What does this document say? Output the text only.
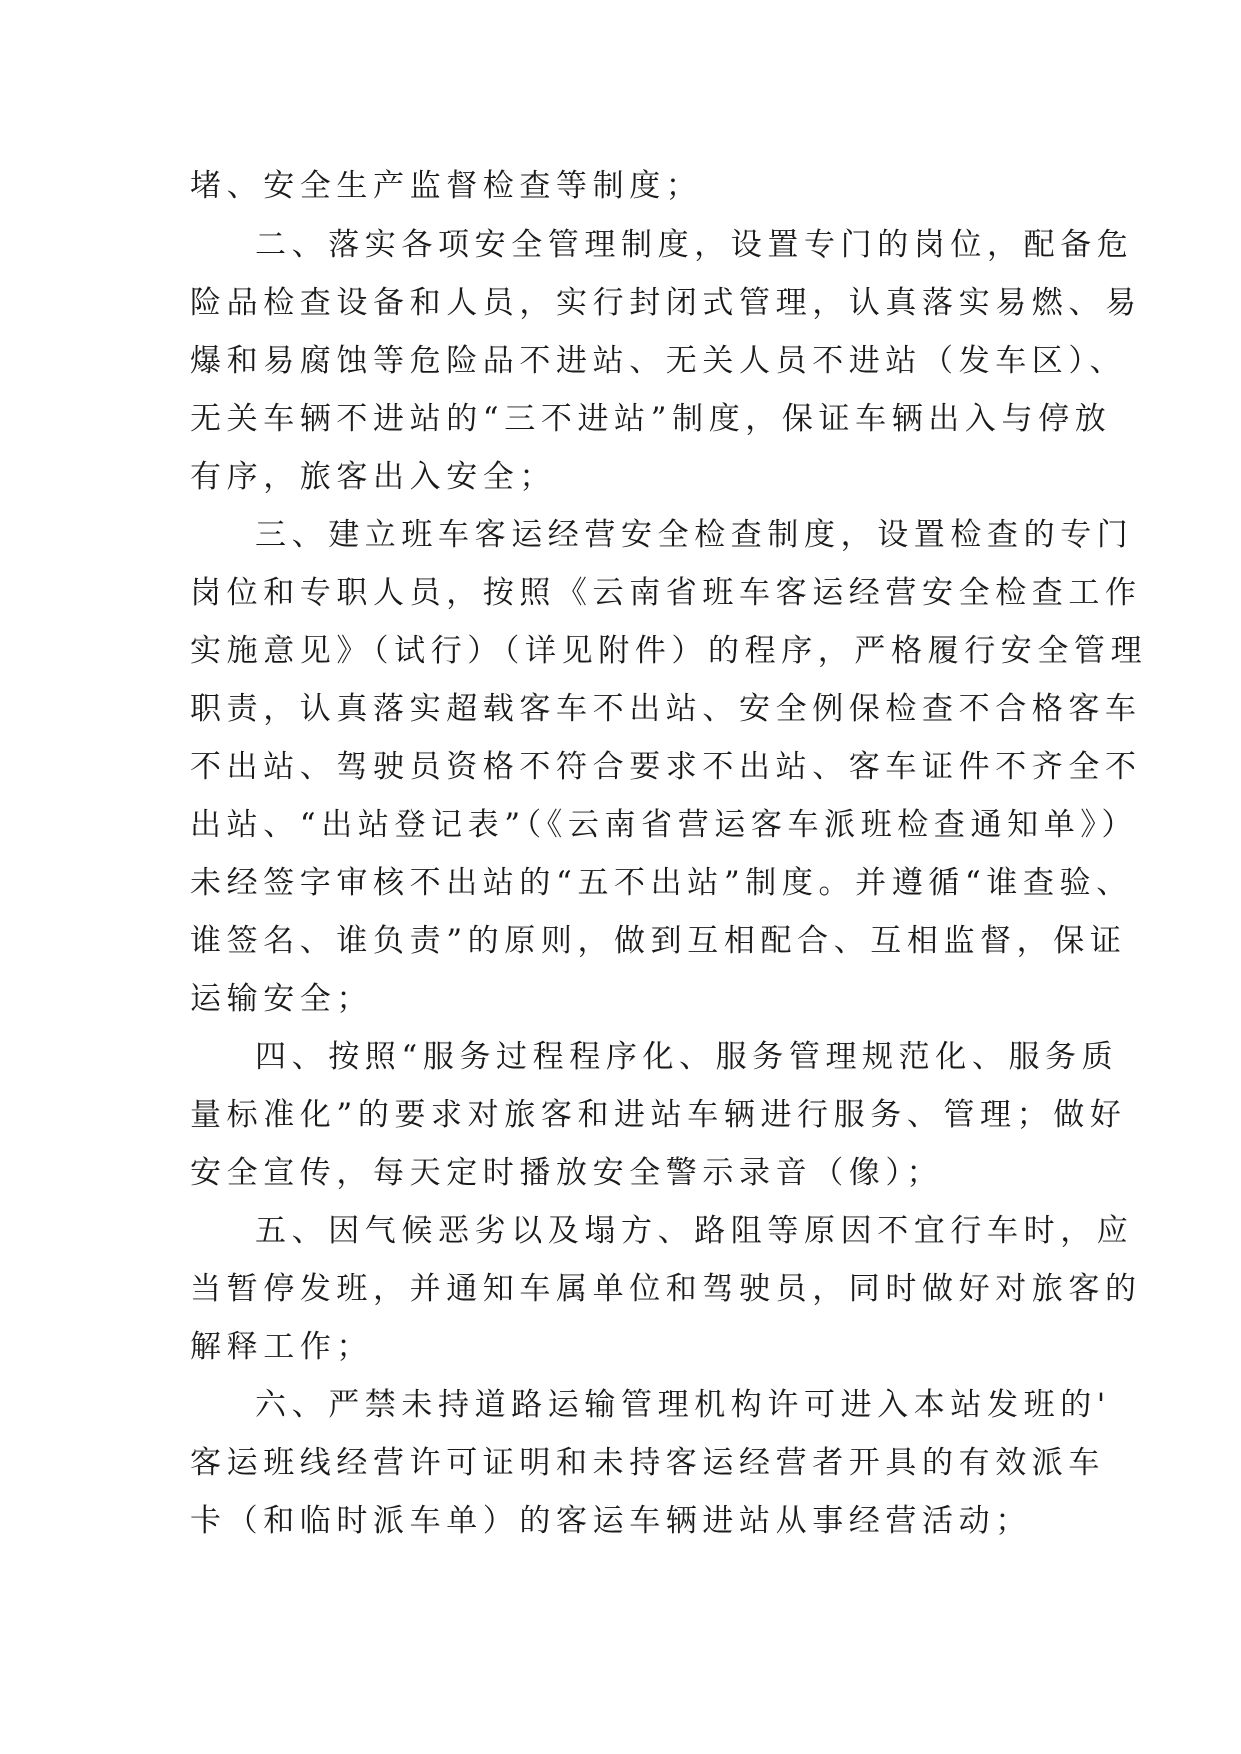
堵、安全生产监督检查等制度；
二、落实各项安全管理制度，设置专门的岗位，配备危
险品检查设备和人员，实行封闭式管理，认真落实易燃、易
爆和易腐蚀等危险品不进站、无关人员不进站（发车区）、
无关车辆不进站的“三不进站”制度，保证车辆出入与停放
有序，旅客出入安全；
三、建立班车客运经营安全检查制度，设置检查的专门
岗位和专职人员，按照《云南省班车客运经营安全检查工作
实施意见》（试行）（详见附件）的程序，严格履行安全管理
职责，认真落实超载客车不出站、安全例保检查不合格客车
不出站、驾驶员资格不符合要求不出站、客车证件不齐全不
出站、“出站登记表”（《云南省营运客车派班检查通知单》）
未经签字审核不出站的“五不出站”制度。并遵循“谁查验、
谁签名、谁负责”的原则，做到互相配合、互相监督，保证
运输安全；
四、按照“服务过程程序化、服务管理规范化、服务质
量标准化”的要求对旅客和进站车辆进行服务、管理；做好
安全宣传，每天定时播放安全警示录音（像）；
五、因气候恶劣以及塌方、路阻等原因不宜行车时，应
当暂停发班，并通知车属单位和驾驶员，同时做好对旅客的
解释工作；
六、严禁未持道路运输管理机构许可进入本站发班的'
客运班线经营许可证明和未持客运经营者开具的有效派车
卡（和临时派车单）的客运车辆进站从事经营活动；
